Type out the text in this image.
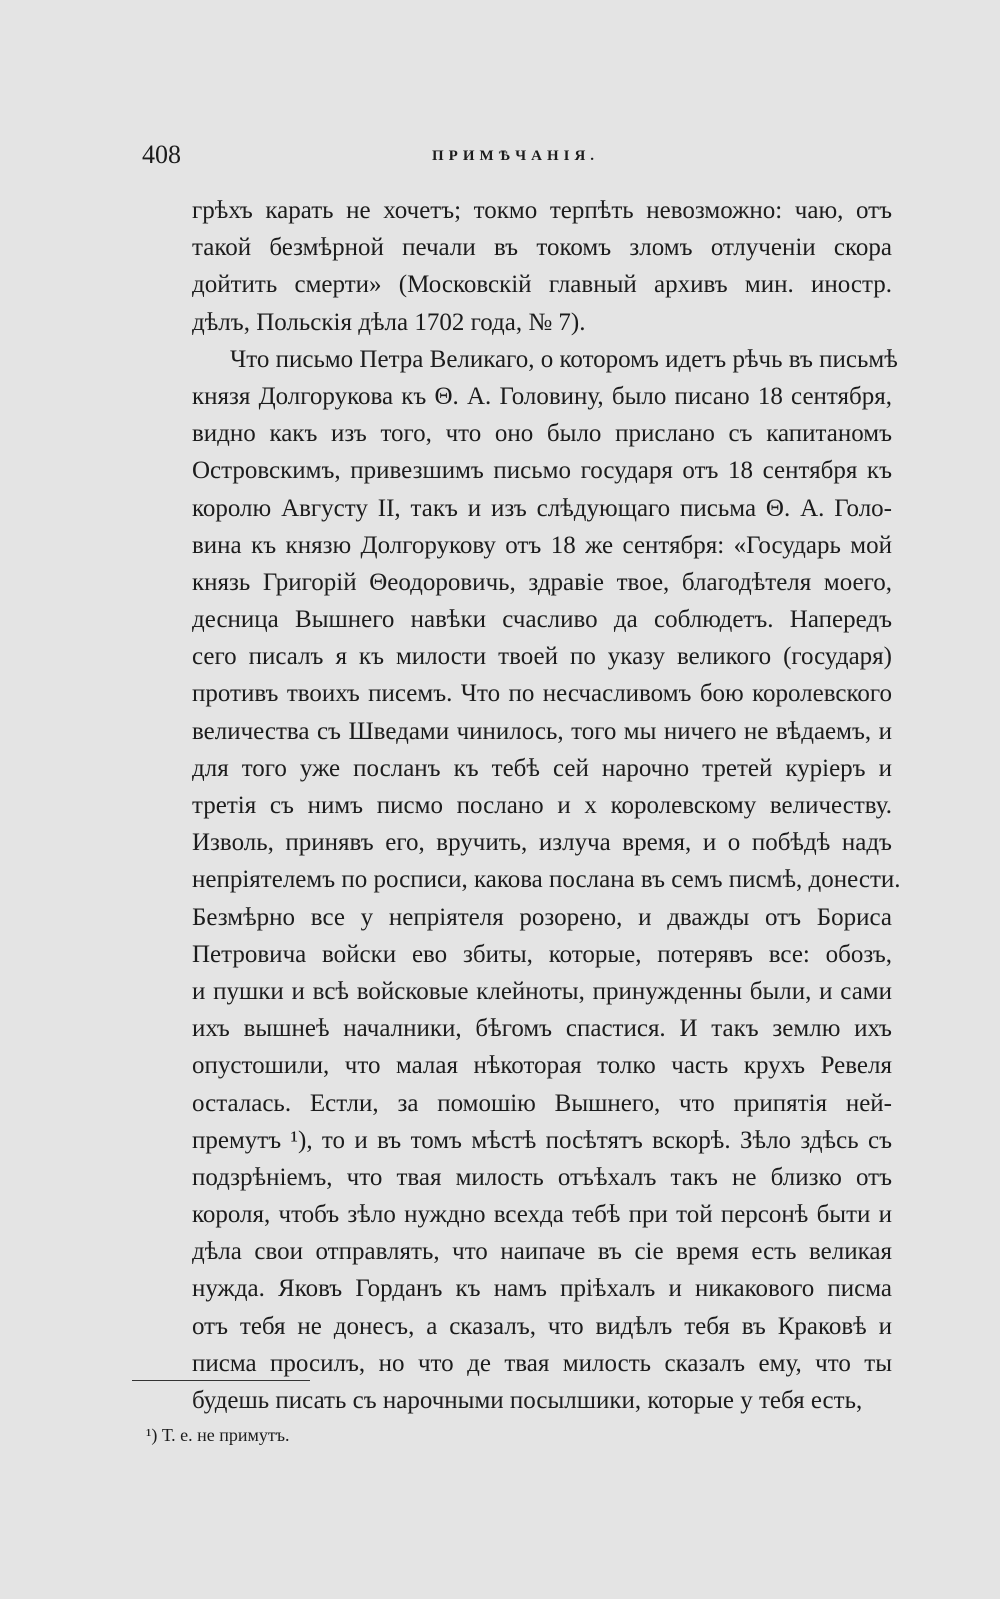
408	ПРИМѢЧАНІЯ.
грѣхъ карать не хочетъ; токмо терпѣть невозможно: чаю, отъ
такой безмѣрной печали въ токомъ зломъ отлученіи скора
дойтить смерти» (Московскій главный архивъ мин. иностр.
дѣлъ, Польскія дѣла 1702 года, № 7).
Что письмо Петра Великаго, о которомъ идетъ рѣчь въ письмѣ
князя Долгорукова къ Θ. А. Головину, было писано 18 сентября,
видно какъ изъ того, что оно было прислано съ капитаномъ
Островскимъ, привезшимъ письмо государя отъ 18 сентября къ
королю Августу II, такъ и изъ слѣдующаго письма Θ. А. Голо-
вина къ князю Долгорукову отъ 18 же сентября: «Государь мой
князь Григорій Θеодоровичь, здравіе твое, благодѣтеля моего,
десница Вышнего навѣки счасливо да соблюдетъ. Напередъ
сего писалъ я къ милости твоей по указу великого (государя)
противъ твоихъ писемъ. Что по несчасливомъ бою королевского
величества съ Шведами чинилось, того мы ничего не вѣдаемъ, и
для того уже посланъ къ тебѣ сей нарочно третей куріеръ и
третія съ нимъ писмо послано и х королевскому величеству.
Изволь, принявъ его, вручить, излуча время, и о побѣдѣ надъ
непріятелемъ по росписи, какова послана въ семъ писмѣ, донести.
Безмѣрно все у непріятеля розорено, и дважды отъ Бориса
Петровича войски ево збиты, которые, потерявъ все: обозъ,
и пушки и всѣ войсковые клейноты, принужденны были, и сами
ихъ вышнеѣ началники, бѣгомъ спастися. И такъ землю ихъ
опустошили, что малая нѣкоторая толко часть крухъ Ревеля
осталась. Естли, за помошію Вышнего, что припятія ней-
премутъ ¹), то и въ томъ мѣстѣ посѣтятъ вскорѣ. Зѣло здѣсь съ
подзрѣніемъ, что твая милость отъѣхалъ такъ не близко отъ
короля, чтобъ зѣло нуждно всехда тебѣ при той персонѣ быти и
дѣла свои отправлять, что наипаче въ сіе время есть великая
нужда. Яковъ Горданъ къ намъ пріѣхалъ и никакового писма
отъ тебя не донесъ, а сказалъ, что видѣлъ тебя въ Краковѣ и
писма просилъ, но что де твая милость сказалъ ему, что ты
будешь писать съ нарочными посылшики, которые у тебя есть,
¹) Т. е. не примутъ.
